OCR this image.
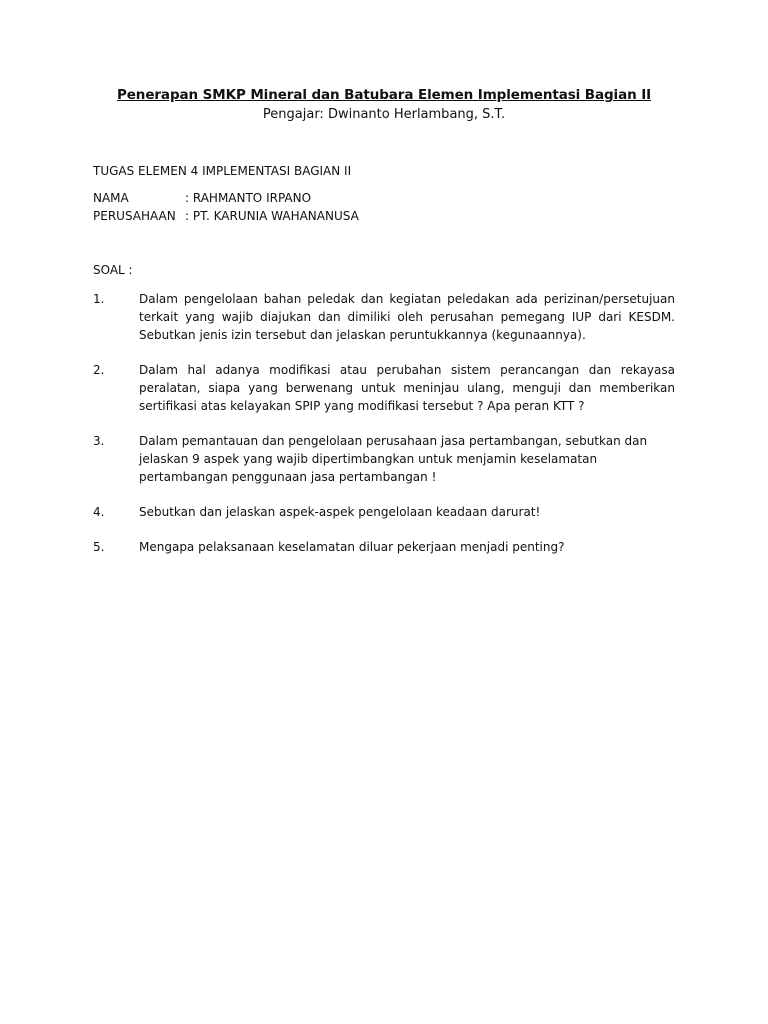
Penerapan SMKP Mineral dan Batubara Elemen Implementasi Bagian II
Pengajar: Dwinanto Herlambang, S.T.
TUGAS ELEMEN 4 IMPLEMENTASI BAGIAN II
NAMA	: RAHMANTO IRPANO
PERUSAHAAN : PT. KARUNIA WAHANANUSA
SOAL :
1.	Dalam pengelolaan bahan peledak dan kegiatan peledakan ada perizinan/persetujuan terkait yang wajib diajukan dan dimiliki oleh perusahan pemegang IUP dari KESDM. Sebutkan jenis izin tersebut dan jelaskan peruntukkannya (kegunaannya).
2.	Dalam hal adanya modifikasi atau perubahan sistem perancangan dan rekayasa peralatan, siapa yang berwenang untuk meninjau ulang, menguji dan memberikan sertifikasi atas kelayakan SPIP yang modifikasi tersebut ? Apa peran KTT ?
3.	Dalam pemantauan dan pengelolaan perusahaan jasa pertambangan, sebutkan dan jelaskan 9 aspek yang wajib dipertimbangkan untuk menjamin keselamatan pertambangan penggunaan jasa pertambangan !
4.	Sebutkan dan jelaskan aspek-aspek pengelolaan keadaan darurat!
5.	Mengapa pelaksanaan keselamatan diluar pekerjaan menjadi penting?
